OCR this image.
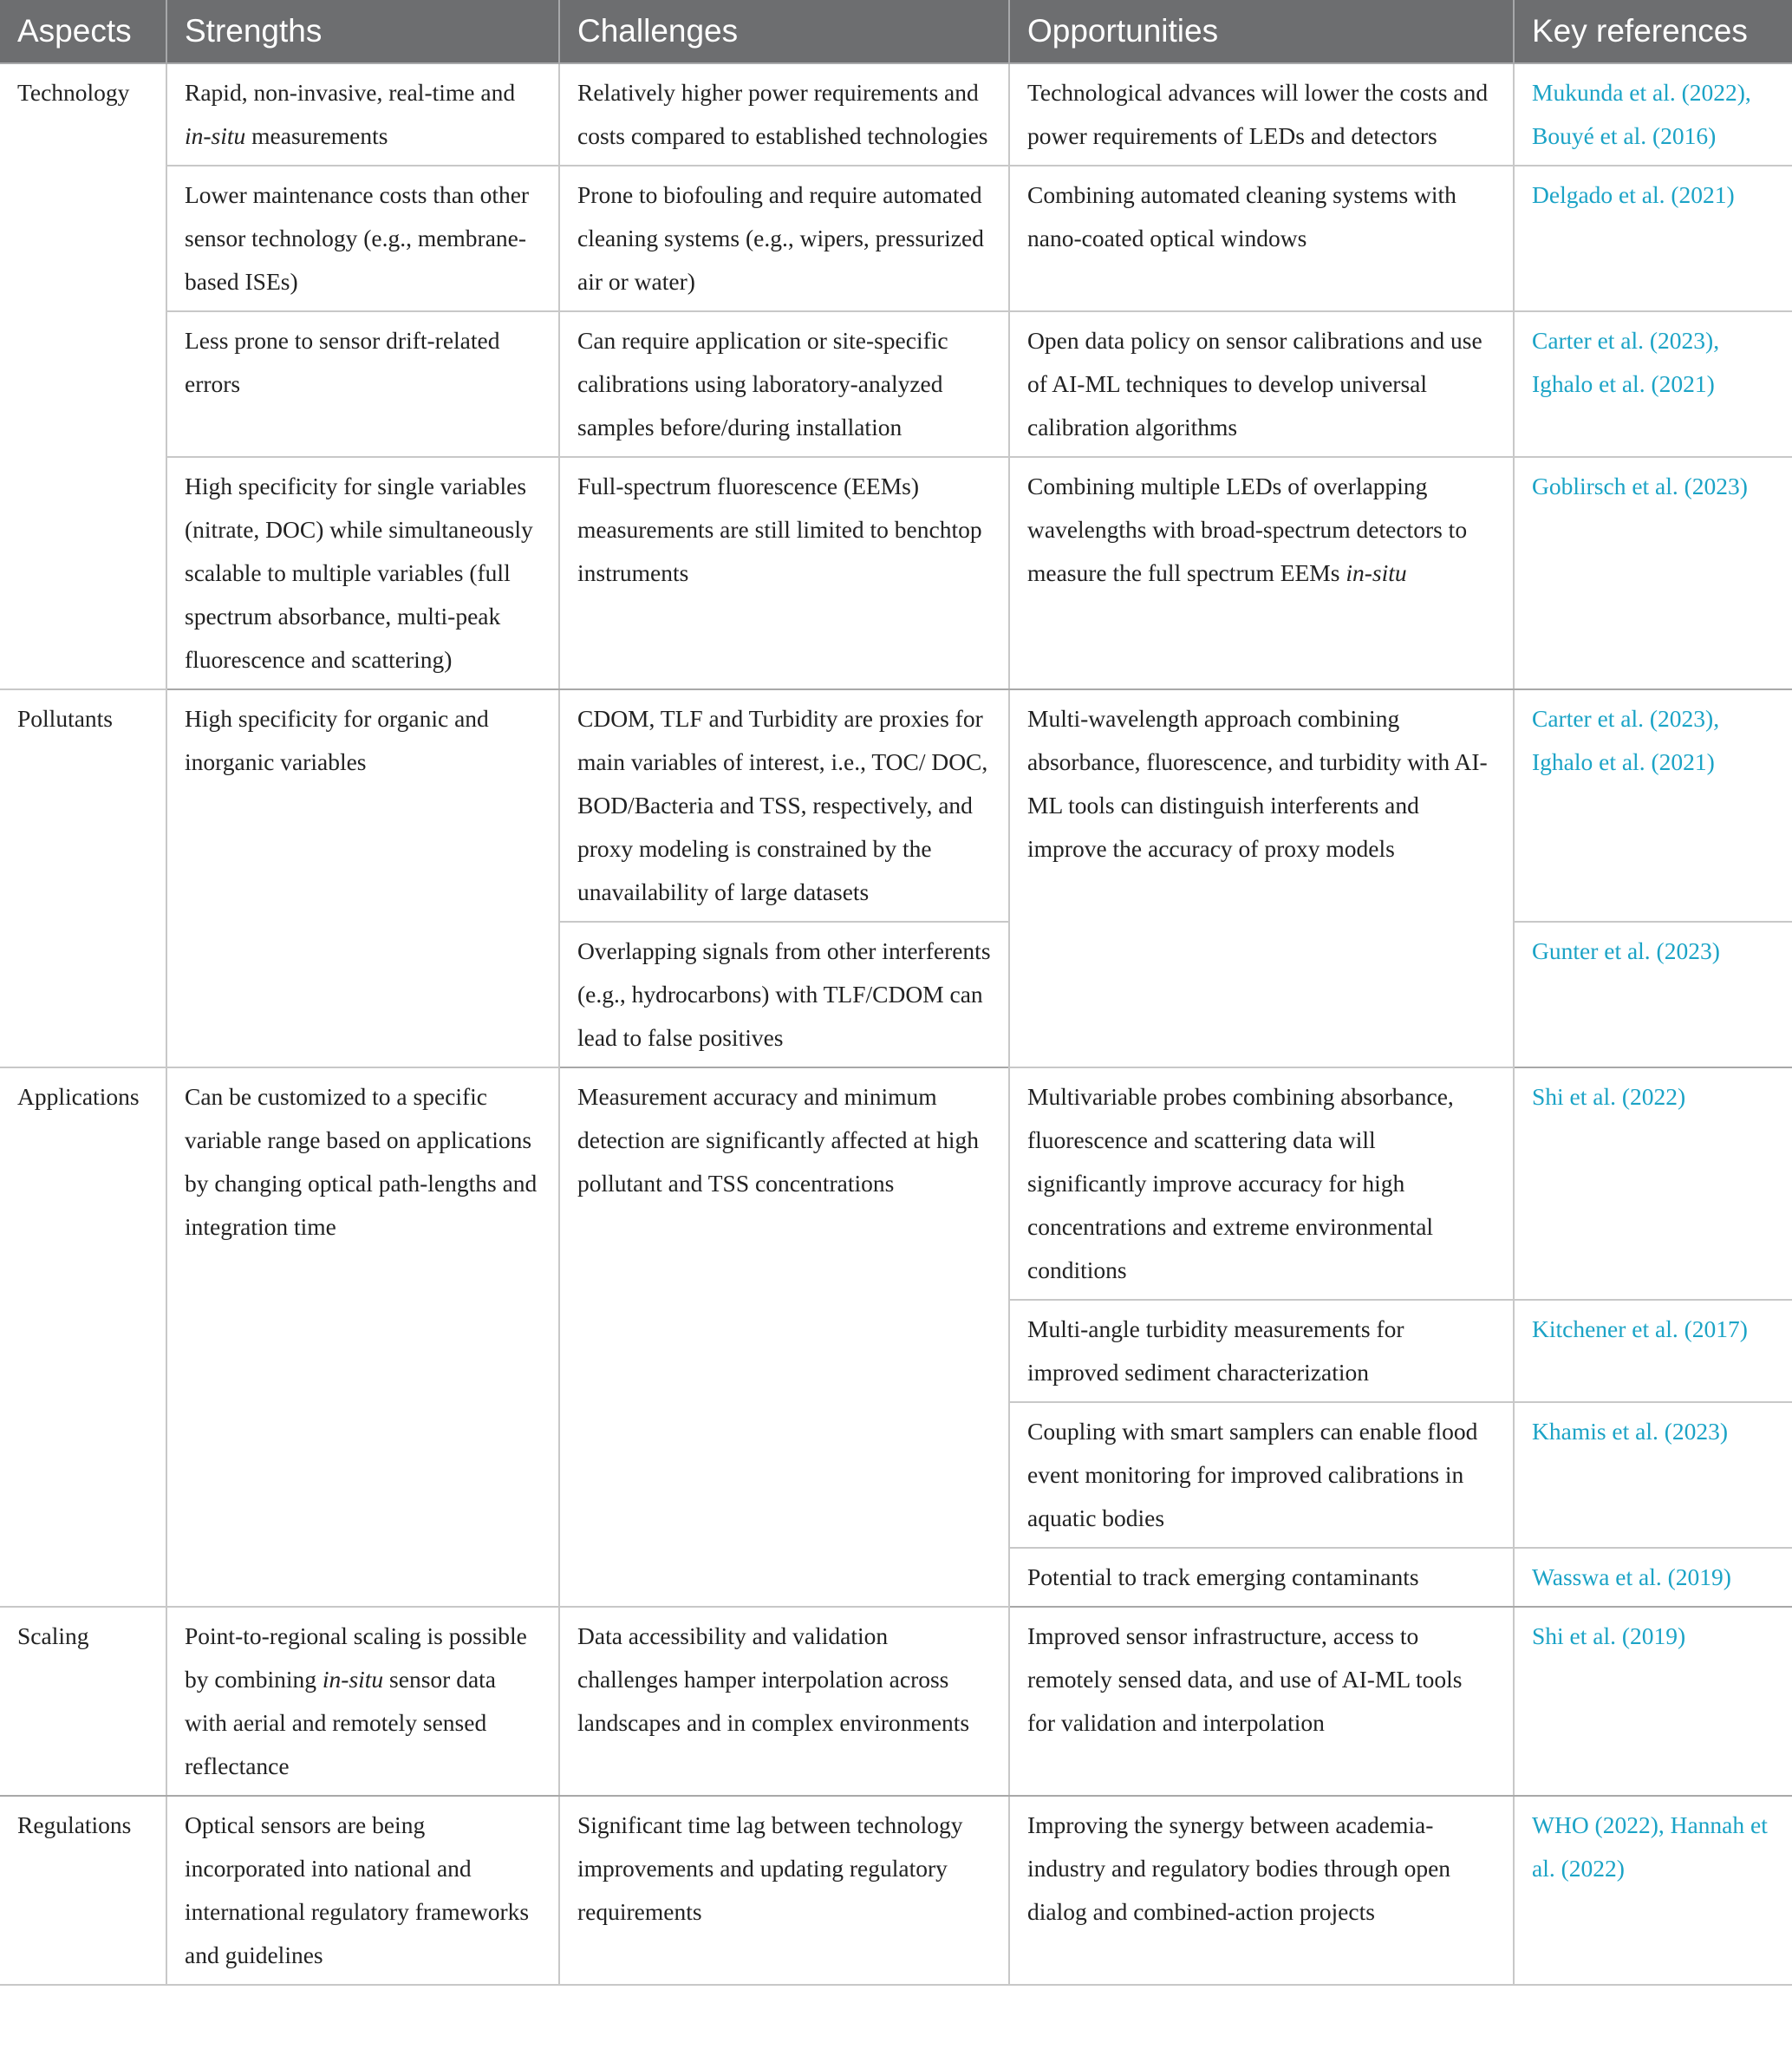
Aspects	Strengths	Challenges	Opportunities	Key references
Technology	Rapid, non-invasive, real-time and in-situ measurements	Relatively higher power requirements and costs compared to established technologies	Technological advances will lower the costs and power requirements of LEDs and detectors	Mukunda et al. (2022), Bouyé et al. (2016)
	Lower maintenance costs than other sensor technology (e.g., membrane-based ISEs)	Prone to biofouling and require automated cleaning systems (e.g., wipers, pressurized air or water)	Combining automated cleaning systems with nano-coated optical windows	Delgado et al. (2021)
	Less prone to sensor drift-related errors	Can require application or site-specific calibrations using laboratory-analyzed samples before/during installation	Open data policy on sensor calibrations and use of AI-ML techniques to develop universal calibration algorithms	Carter et al. (2023), Ighalo et al. (2021)
	High specificity for single variables (nitrate, DOC) while simultaneously scalable to multiple variables (full spectrum absorbance, multi-peak fluorescence and scattering)	Full-spectrum fluorescence (EEMs) measurements are still limited to benchtop instruments	Combining multiple LEDs of overlapping wavelengths with broad-spectrum detectors to measure the full spectrum EEMs in-situ	Goblirsch et al. (2023)
Pollutants	High specificity for organic and inorganic variables	CDOM, TLF and Turbidity are proxies for main variables of interest, i.e., TOC/ DOC, BOD/Bacteria and TSS, respectively, and proxy modeling is constrained by the unavailability of large datasets	Multi-wavelength approach combining absorbance, fluorescence, and turbidity with AI-ML tools can distinguish interferents and improve the accuracy of proxy models	Carter et al. (2023), Ighalo et al. (2021)
		Overlapping signals from other interferents (e.g., hydrocarbons) with TLF/CDOM can lead to false positives		Gunter et al. (2023)
Applications	Can be customized to a specific variable range based on applications by changing optical path-lengths and integration time	Measurement accuracy and minimum detection are significantly affected at high pollutant and TSS concentrations	Multivariable probes combining absorbance, fluorescence and scattering data will significantly improve accuracy for high concentrations and extreme environmental conditions	Shi et al. (2022)
			Multi-angle turbidity measurements for improved sediment characterization	Kitchener et al. (2017)
			Coupling with smart samplers can enable flood event monitoring for improved calibrations in aquatic bodies	Khamis et al. (2023)
			Potential to track emerging contaminants	Wasswa et al. (2019)
Scaling	Point-to-regional scaling is possible by combining in-situ sensor data with aerial and remotely sensed reflectance	Data accessibility and validation challenges hamper interpolation across landscapes and in complex environments	Improved sensor infrastructure, access to remotely sensed data, and use of AI-ML tools for validation and interpolation	Shi et al. (2019)
Regulations	Optical sensors are being incorporated into national and international regulatory frameworks and guidelines	Significant time lag between technology improvements and updating regulatory requirements	Improving the synergy between academia-industry and regulatory bodies through open dialog and combined-action projects	WHO (2022), Hannah et al. (2022)
